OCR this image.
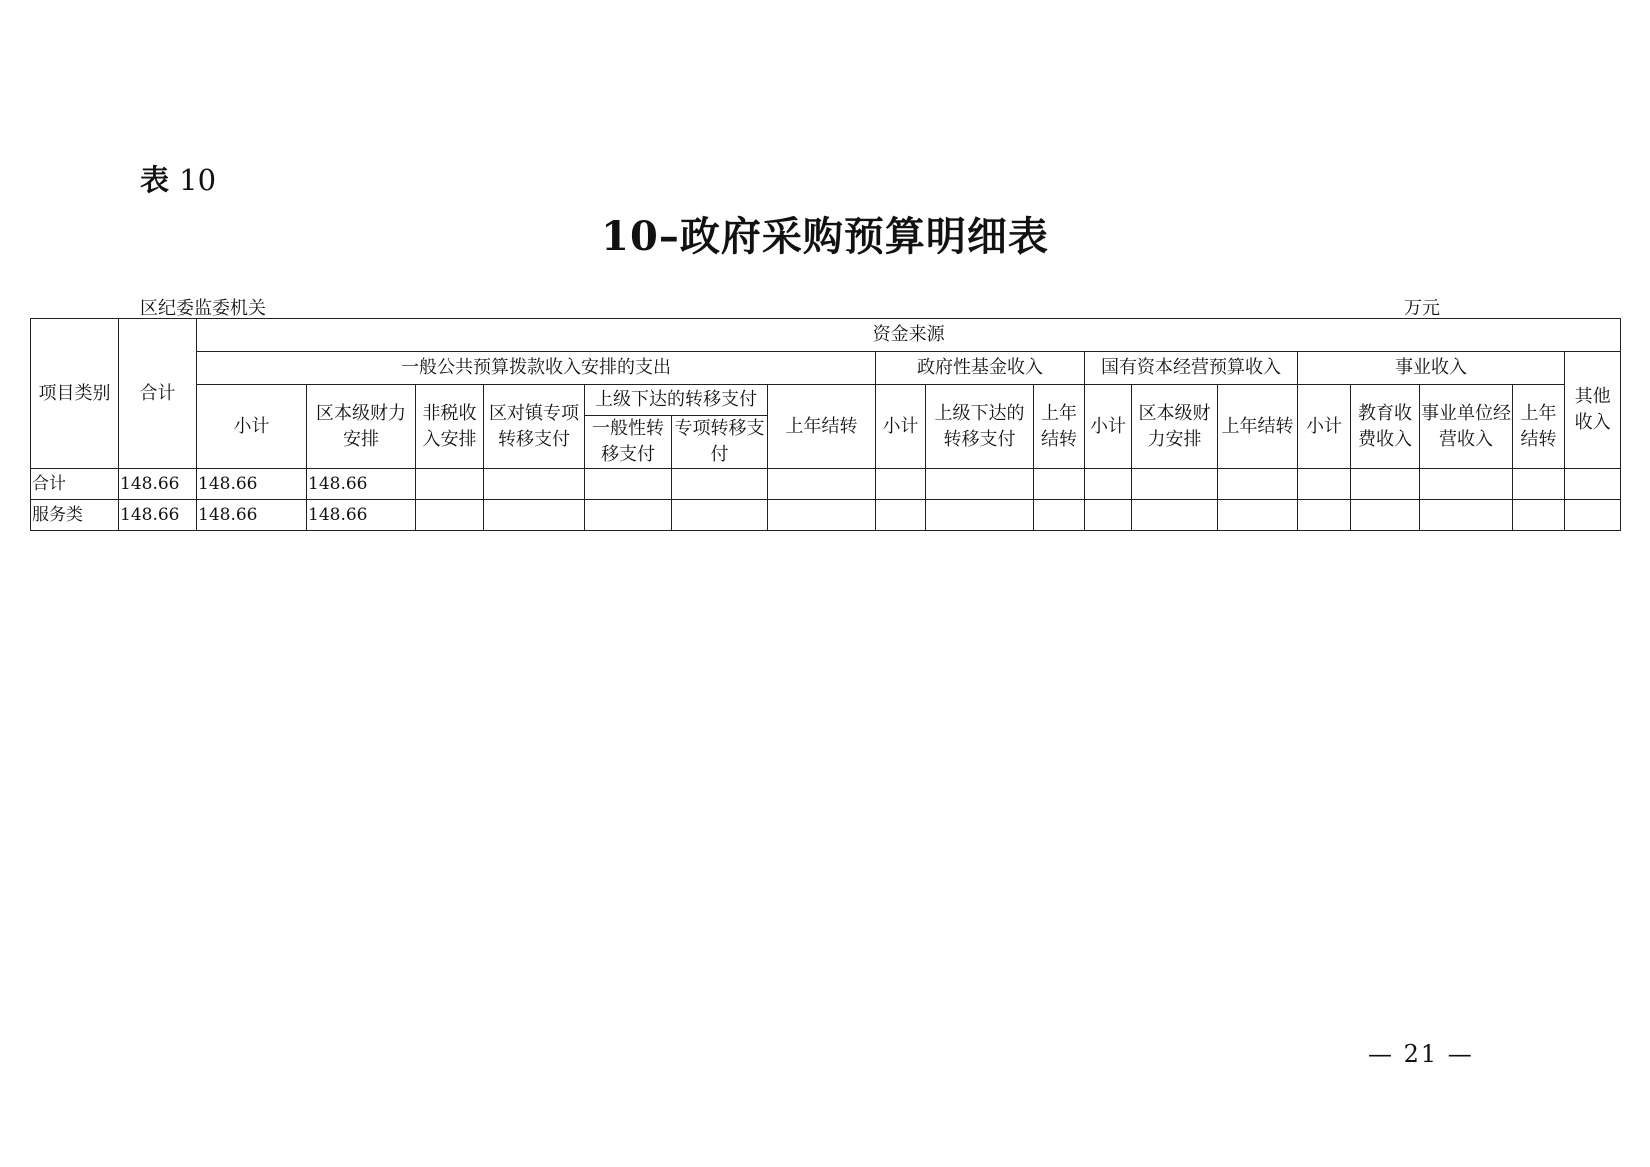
表 10
10–政府采购预算明细表
区纪委监委机关	万元
项目类别	合计	资金来源																	
		一般公共预算拨款收入安排的支出							政府性基金收入			国有资本经营预算收入			事业收入				其他收入
		小计	区本级财力安排	非税收入安排	区对镇专项转移支付	上级下达的转移支付		上年结转	小计	上级下达的转移支付	上年结转	小计	区本级财力安排	上年结转	小计	教育收费收入	事业单位经营收入	上年结转	
						一般性转移支付	专项转移支付												
合计	148.66	148.66	148.66																
服务类	148.66	148.66	148.66																
— 21 —
